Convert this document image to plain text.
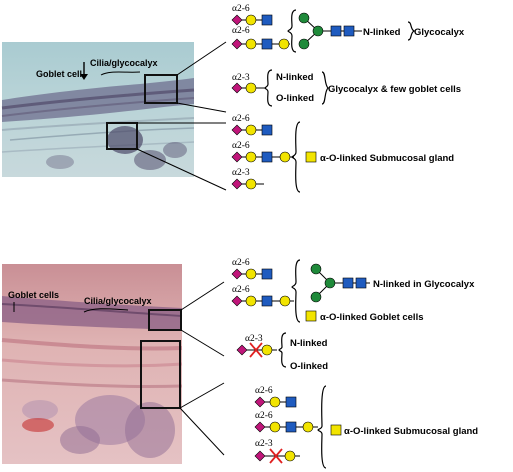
Goblet cell
Cilia/glycocalyx
Goblet cells
Cilia/glycocalyx
α2-6
α2-6	N-linked Glycocalyx
α2-3	N-linked
O-linked
Glycocalyx & few goblet cells
α2-6
α2-6
α2-3
α-O-linked Submucosal gland
α2-6
α2-6	N-linked in Glycocalyx
α-O-linked Goblet cells
α2-3	N-linked
O-linked
α2-6
α2-6
α2-3
α-O-linked Submucosal gland
